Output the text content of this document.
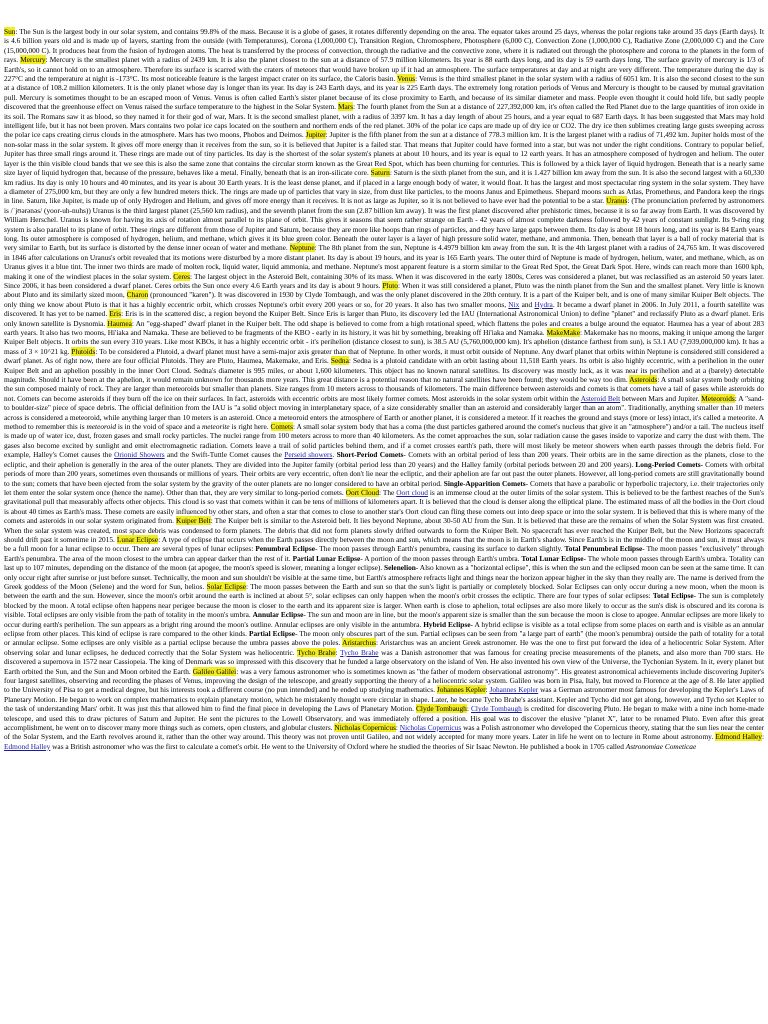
Sun: The Sun is the largest body in our solar system, and contains 99.8% of the mass. Because it is a globe of gases, it rotates differently depending on the area. The equator takes around 25 days, whereas the polar regions take around 35 days (Earth days). It is 4.6 billion years old and is made up of layers, starting from the outside (with Temperatures), Corona (1,000,000 C), Transition Region, Chromosphere, Photosphere (6,000 C), Convection Zone (1,000,000 C), Radiative Zone (2,000,000 C) and the Core (15,000,000 C). It produces heat from the fusion of hydrogen atoms. The heat is transferred by the process of convection, through the radiative and the convective zone, where it is radiated out through the photosphere and corona to the planets in the form of rays. Mercury: Mercury is the smallest planet with a radius of 2439 km. It is also the planet closest to the sun at a distance of 57.9 million kilometers. Its year is 88 earth days long, and its day is 59 earth days long. The surface gravity of mercury is 1/3 of Earth's, so it cannot hold on to an atmosphere. Therefore its surface is scarred with the craters of meteors that would have broken up if it had an atmosphere. The surface temperatures at day and at night are very different. The temperature during the day is 227°C and the temperature at night is -173°C. Its most noticeable feature is the largest impact crater on its surface, the Caloris basin. Venus: Venus is the third smallest planet in the solar system with a radius of 6051 km. It is also the second closest to the sun at a distance of 108.2 million kilometers. It is the only planet whose day is longer than its year. Its day is 243 Earth days, and its year is 225 Earth days. The extremely long rotation periods of Venus and Mercury is thought to be caused by mutual gravitation pull. Mercury is sometimes thought to be an escaped moon of Venus. Venus is often called Earth's sister planet because of its close proximity to Earth, and because of its similar diameter and mass. People even thought it could hold life, but sadly people discovered that the greenhouse effect on Venus raised the surface temperature to the highest in the Solar System. Mars: The fourth planet from the Sun at a distance of 227,392,000 km, it's often called the Red Planet due to the large quantities of iron oxide in its soil. The Romans saw it as blood, so they named it for their god of war, Mars. It is the second smallest planet, with a radius of 3397 km. It has a day length of about 25 hours, and a year equal to 687 Earth days. It has been suggested that Mars may hold intelligent life, but it has not been proven. Mars contains two polar ice caps located on the southern and northern ends of the red planet. 30% of the polar ice caps are made up of dry ice or CO2. The dry ice then sublimes creating large gusts sweeping across the polar ice caps creating cirrus clouds in the atmosphere. Mars has two moons, Phobos and Deimos. Jupiter: Jupiter is the fifth planet from the sun at a distance of 778.3 million km. It is the largest planet with a radius of 71,492 km. Jupiter holds most of the non-solar mass in the solar system. It gives off more energy than it receives from the sun, so it is believed that Jupiter is a failed star. That means that Jupiter could have formed into a star, but was not under the right conditions. Contrary to popular belief, Jupiter has three small rings around it. These rings are made out of tiny particles. Its day is the shortest of the solar system's planets at about 10 hours, and its year is equal to 12 earth years. It has an atmosphere composed of hydrogen and helium. The outer layer is the thin visible cloud bands that we see this is also the same zone that contains the circular storm known as the Great Red Spot, which has been churning for centuries. This is followed by a thick layer of liquid hydrogen. Beneath that is a nearly same size layer of liquid hydrogen that, because of the pressure, behaves like a metal. Finally, beneath that is an iron-silicate core. Saturn: Saturn is the sixth planet from the sun, and it is 1.427 billion km away from the sun. It is also the second largest with a 60,330 km radius. Its day is only 10 hours and 40 minutes, and its year is about 30 Earth years. It is the least dense planet, and if placed in a large enough body of water, it would float. It has the largest and most spectacular ring system in the solar system. They have a diameter of 275,000 km, but they are only a few hundred meters thick. The rings are made up of particles that vary in size, from dust like particles, to the moons Janus and Epimetheus. Shepard moons such as Atlas, Prometheus, and Pandora keep the rings in line. Saturn, like Jupiter, is made up of only Hydrogen and Helium, and gives off more energy than it receives. It is not as large as Jupiter, so it is not believed to have ever had the potential to be a star. Uranus: (The pronunciation preferred by astronomers is /ˈjʊərənəs/ (yoor-uh-nuhs)) Uranus is the third largest planet (25,560 km radius), and the seventh planet from the sun (2.87 billion km away). It was the first planet discovered after prehistoric times, because it is so far away from Earth. It was discovered by William Herschel. Uranus is known for having its axis of rotation almost parallel to its plane of orbit. This gives it seasons that seem rather strange on Earth - 42 years of almost complete darkness followed by 42 years of constant sunlight. Its 9-ring ring system is also parallel to its plane of orbit. These rings are different from those of Jupiter and Saturn, because they are more like hoops than rings of particles, and they have large gaps between them. Its day is about 18 hours long, and its year is 84 Earth years long. Its outer atmosphere is composed of hydrogen, helium, and methane, which gives it its blue green color. Beneath the outer layer is a layer of high pressure solid water, methane, and ammonia. Then, beneath that layer is a ball of rocky material that is very similar to Earth, but its surface is distorted by the dense inner ocean of water and methane. Neptune: The 8th planet from the sun, Neptune is 4.4979 billion km away from the sun. It is the 4th largest planet with a radius of 24,765 km. It was discovered in 1846 after calculations on Uranus's orbit revealed that its motions were disturbed by a more distant planet. Its day is about 19 hours, and its year is 165 Earth years. The outer third of Neptune is made of hydrogen, helium, water, and methane, which, as on Uranus gives it a blue tint. The inner two thirds are made of molten rock, liquid water, liquid ammonia, and methane. Neptune's most apparent feature is a storm similar to the Great Red Spot, the Great Dark Spot. Here, winds can reach more than 1600 kph, making it one of the windiest places in the solar system. Ceres: The largest object in the Asteroid Belt, containing 30% of its mass. When it was discovered in the early 1800s, Ceres was considered a planet, but was reclassified as an asteroid 50 years later. Since 2006, it has been considered a dwarf planet. Ceres orbits the Sun once every 4.6 Earth years and its day is about 9 hours. Pluto: When it was still considered a planet, Pluto was the ninth planet from the Sun and the smallest planet. Very little is known about Pluto and its similarly sized moon, Charon (pronounced "karen"). It was discovered in 1930 by Clyde Tombaugh, and was the only planet discovered in the 20th century. It is a part of the Kuiper belt, and is one of many similar Kuiper Belt objects. The only thing we know about Pluto is that it has a highly eccentric orbit, which crosses Neptune's orbit every 200 years or so, for 20 years. It also has two smaller moons, Nix and Hydra. It became a dwarf planet in 2006. In July 2011, a fourth satellite was discovered. It has yet to be named. Eris: Eris is in the scattered disc, a region beyond the Kuiper Belt. Since Eris is larger than Pluto, its discovery led the IAU (International Astronomical Union) to define "planet" and reclassify Pluto as a dwarf planet. Eris only known satellite is Dysnomia. Haumea: An "egg-shaped" dwarf planet in the Kuiper belt. The odd shape is believed to come from a high rotational speed, which flattens the poles and creates a bulge around the equator. Haumea has a year of about 283 earth years. It also has two moons, Hi'iaka and Namaka. These are believed to be fragments of the KBO - early in its history, it was hit by something, breaking off Hi'iaka and Namaka. MakeMake: Makemake has no moons, making it unique among the larger Kuiper Belt objects. It orbits the sun every 310 years. Like most KBOs, it has a highly eccentric orbit - it's perihelion (distance closest to sun), is 38.5 AU (5,760,000,000 km). It's aphelion (distance farthest from sun), is 53.1 AU (7,939,000,000 km). It has a mass of 3 × 10^21 kg. Plutoids: To be considered a Plutoid, a dwarf planet must have a semi-major axis greater than that of Neptune. In other words, it must orbit outside of Neptune. Any dwarf planet that orbits within Neptune is considered still considered a dwarf planet. As of right now, there are four official Plutoids. They are Pluto, Haumea, Makemake, and Eris. Sedna: Sedna is a plutoid candidate with an orbit lasting about 11,518 Earth years. Its orbit is also highly eccentric, with a perihelion in the outer Kuiper Belt and an aphelion possibly in the inner Oort Cloud. Sedna's diameter is 995 miles, or about 1,600 kilometers. This object has no known natural satellites. Its discovery was mostly luck, as it was near its perihelion and at a (barely) detectable magnitude. Should it have been at the aphelion, it would remain unknown for thousands more years. This great distance is a potential reason that no natural satellites have been found; they would be way too dim. Asteroids: A small solar system body orbiting the sun composed mainly of rock. They are larger than meteoroids but smaller than planets. Size ranges from 10 meters across to thousands of kilometers. The main difference between asteroids and comets is that comets have a tail of gases while asteroids do not. Comets can become asteroids if they burn off the ice on their surfaces. In fact, asteroids with eccentric orbits are most likely former comets. Most asteroids in the solar system orbit within the Asteroid Belt between Mars and Jupiter. Meteoroids: A "sand- to boulder-size" piece of space debris. The official definition from the IAU is "a solid object moving in interplanetary space, of a size considerably smaller than an asteroid and considerably larger than an atom". Traditionally, anything smaller than 10 meters across is considered a meteoroid, while anything larger than 10 meters is an asteroid. Once a meteoroid enters the atmosphere of Earth or another planet, it is considered a meteor. If it reaches the ground and stays (more or less) intact, it's called a meteorite. A method to remember this is meteoroid is in the void of space and a meteorite is right here. Comets: A small solar system body that has a coma (the dust particles gathered around the comet's nucleus that give it an "atmosphere") and/or a tail. The nucleus itself is made up of water ice, dust, frozen gases and small rocky particles. The nuclei range from 100 meters across to more than 40 kilometers. As the comet approaches the sun, solar radiation cause the gases inside to vaporize and carry the dust with them. The gases also become excited by sunlight and emit electromagnetic radiation. Comets leave a trail of solid particles behind them, and if a comet crosses earth's path, there will most likely be meteor showers when earth passes through the debris field. For example, Halley's Comet causes the Orionid Showers and the Swift-Tuttle Comet causes the Perseid showers. Short-Period Comets- Comets with an orbital period of less than 200 years. Their orbits are in the same direction as the planets, close to the ecliptic, and their aphelion is generally in the area of the outer planets. They are divided into the Jupiter family (orbital period less than 20 years) and the Halley family (orbital periods between 20 and 200 years). Long-Period Comets- Comets with orbital periods of more than 200 years, sometimes even thousands or millions of years. Their orbits are very eccentric, often don't lie near the ecliptic, and their aphelion are far out past the outer planets. However, all long-period comets are still gravitationally bound to the sun; comets that have been ejected from the solar system by the gravity of the outer planets are no longer considered to have an orbital period. Single-Apparition Comets- Comets that have a parabolic or hyperbolic trajectory, i.e. their trajectories only let them enter the solar system once (hence the name). Other than that, they are very similar to long-period comets. Oort Cloud: The Oort cloud is an immense cloud at the outer limits of the solar system. This is believed to be the farthest reaches of the Sun's gravitational pull that measurably affects other objects. This cloud is so vast that comets within it can be tens of millions of kilometers apart. It is believed that the cloud is denser along the elliptical plane. The estimated mass of all the bodies in the Oort cloud is about 40 times as Earth's mass. These comets are easily influenced by other stars, and often a star that comes to close to another star's Oort cloud can fling these comets out into deep space or into the solar system. It is believed that this is where many of the comets and asteroids in our solar system originated from. Kuiper Belt: The Kuiper belt is similar to the Asteroid belt. It lies beyond Neptune, about 30-50 AU from the Sun. It is believed that these are the remains of when the Solar System was first created. When the solar system was created, most space debris was condensed to form planets. The debris that did not form planets slowly drifted outwards to form the Kuiper Belt. No spacecraft has ever reached the Kuiper Belt, but the New Horizons spacecraft should drift past it sometime in 2015. Lunar Eclipse: A type of eclipse that occurs when the Earth passes directly between the moon and sun, which means that the moon is in Earth's shadow. Since Earth's is in the middle of the moon and sun, it must always be a full moon for a lunar eclipse to occur. There are several types of lunar eclipses: Penumbral Eclipse- The moon passes through Earth's penumbra, causing its surface to darken slightly. Total Penumbral Eclipse- The moon passes "exclusively" through Earth's penumbra. The area of the moon closest to the umbra can appear darker than the rest of it. Partial Lunar Eclipse- A portion of the moon passes through Earth's umbra. Total Lunar Eclipse- The whole moon passes through Earth's umbra. Totality can last up to 107 minutes, depending on the distance of the moon (at apogee, the moon's speed is slower, meaning a longer eclipse). Selenelion- Also known as a "horizontal eclipse", this is when the sun and the eclipsed moon can be seen at the same time. It can only occur right after sunrise or just before sunset. Technically, the moon and sun shouldn't be visible at the same time, but Earth's atmosphere refracts light and things near the horizon appear higher in the sky than they really are. The name is derived from the Greek goddess of the Moon (Selene) and the word for Sun, helios. Solar Eclipse: The moon passes between the Earth and sun so that the sun's light is partially or completely blocked. Solar Eclipses can only occur during a new moon, when the moon is between the earth and the sun. However, since the moon's orbit around the earth is inclined at about 5°, solar eclipses can only happen when the moon's orbit crosses the ecliptic. There are four types of solar eclipses: Total Eclipse- The sun is completely blocked by the moon. A total eclipse often happens near perigee because the moon is closer to the earth and its apparent size is larger. When earth is close to aphelion, total eclipses are also more likely to occur as the sun's disk is obscured and its corona is visible. Total eclipses are only visible from the path of totality in the moon's umbra. Annular Eclipse- The sun and moon are in line, but the moon's apparent size is smaller than the sun because the moon is close to apogee. Annular eclipses are more likely to occur during earth's perihelion. The sun appears as a bright ring around the moon's outline. Annular eclipses are only visible in the antumbra. Hybrid Eclipse- A hybrid eclipse is visible as a total eclipse from some places on earth and is visible as an annular eclipse from other places. This kind of eclipse is rare compared to the other kinds. Partial Eclipse- The moon only obscures part of the sun. Partial eclipses can be seen from "a large part of earth" (the moon's penumbra) outside the path of totality for a total or annular eclipse. Some eclipses are only visible as a partial eclipse because the umbra passes above the poles. Aristarchus: Aristarchus was an ancient Greek astronomer. He was the one to first put forward the idea of a heliocentric Solar System. After observing solar and lunar eclipses, he deduced correctly that the Solar System was heliocentric. Tycho Brahe: Tycho Brahe was a Danish astronomer that was famous for creating precise measurements of the planets, and also more than 700 stars. He discovered a supernova in 1572 near Cassiopeia. The king of Denmark was so impressed with this discovery that he funded a large observatory on the island of Ven. He also invented his own view of the Universe, the Tychonian System. In it, every planet but Earth orbited the Sun, and the Sun and Moon orbited the Earth. Galileo Galilei: was a very famous astronomer who is sometimes known as "the father of modern observational astronomy". His greatest astronomical achievements include discovering Jupiter's four largest satellites, observing and recording the phases of Venus, improving the design of the telescope, and greatly supporting the theory of a heliocentric solar system. Galileo was born in Pisa, Italy, but moved to Florence at the age of 8. He later applied to the University of Pisa to get a medical degree, but his interests took a different course (no pun intended) and he ended up studying mathematics. Johannes Kepler: Johannes Kepler was a German astronomer most famous for developing the Kepler's Laws of Planetary Motion. He began to work on complex mathematics to explain planetary motion, which he mistakenly thought were circular in shape. Later, he became Tycho Brahe's assistant. Kepler and Tycho did not get along, however, and Tycho set Kepler to the task of understanding Mars' orbit. It was just this that allowed him to find the final piece in developing the Laws of Planetary Motion. Clyde Tombaugh: Clyde Tombaugh is credited for discovering Pluto. He began to make with a nine inch home-made telescope, and used this to draw pictures of Saturn and Jupiter. He sent the pictures to the Lowell Observatory, and was immediately offered a position. His goal was to discover the elusive "planet X", later to be renamed Pluto. Even after this great accomplishment, he went on to discover many more things such as comets, open clusters, and globular clusters. Nicholas Copernicus: Nicholas Copernicus was a Polish astronomer who developed the Copernicus theory, stating that the sun lies near the center of the Solar System, and the Earth revolves around it, rather than the other way around. This theory was not proven until Galileo, and not widely accepted for many more years. Later in life he went on to lecture in Rome about astronomy. Edmond Halley: Edmond Halley was a British astronomer who was the first to calculate a comet's orbit. He went to the University of Oxford where he studied the theories of Sir Isaac Newton. He published a book in 1705 called Astronomiae Cometicae
